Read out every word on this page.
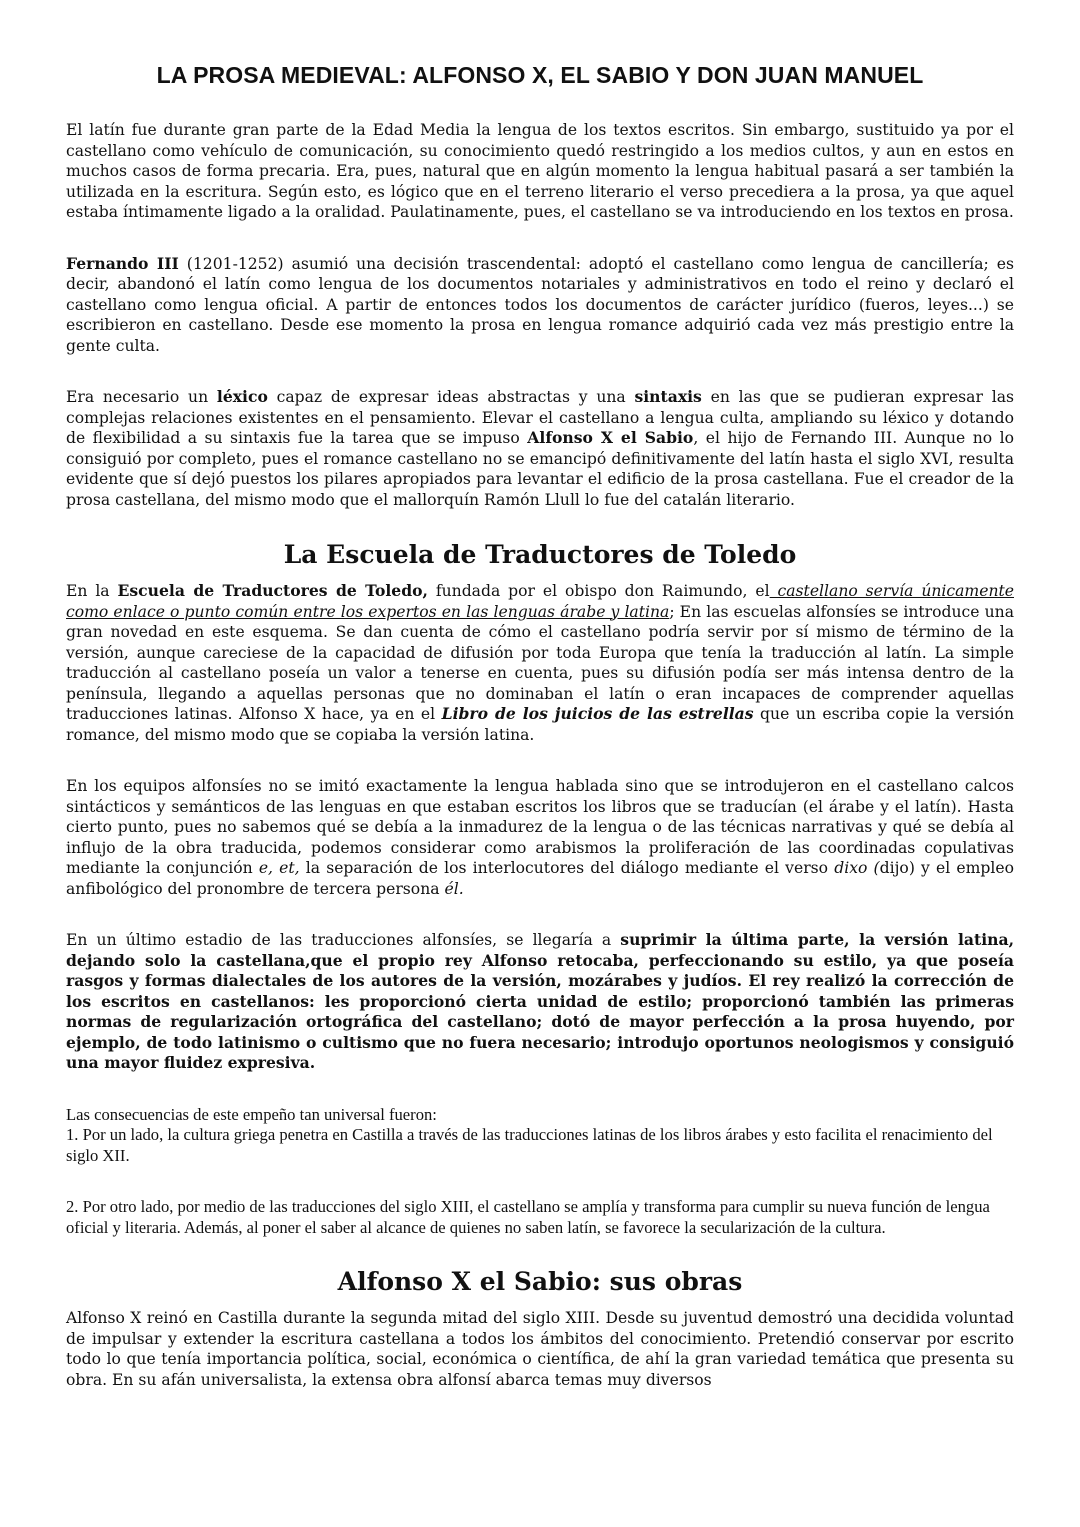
LA PROSA MEDIEVAL: ALFONSO X, EL SABIO Y DON JUAN MANUEL

El latín fue durante gran parte de la Edad Media la lengua de los textos escritos. Sin embargo, sustituido ya por el castellano como vehículo de comunicación, su conocimiento quedó restringido a los medios cultos, y aun en estos en muchos casos de forma precaria. Era, pues, natural que en algún momento la lengua habitual pasará a ser también la utilizada en la escritura. Según esto, es lógico que en el terreno literario el verso precediera a la prosa, ya que aquel estaba íntimamente ligado a la oralidad. Paulatinamente, pues, el castellano se va introduciendo en los textos en prosa.

Fernando III (1201-1252) asumió una decisión trascendental: adoptó el castellano como lengua de cancillería; es decir, abandonó el latín como lengua de los documentos notariales y administrativos en todo el reino y declaró el castellano como lengua oficial. A partir de entonces todos los documentos de carácter jurídico (fueros, leyes...) se escribieron en castellano. Desde ese momento la prosa en lengua romance adquirió cada vez más prestigio entre la gente culta.

Era necesario un léxico capaz de expresar ideas abstractas y una sintaxis en las que se pudieran expresar las complejas relaciones existentes en el pensamiento. Elevar el castellano a lengua culta, ampliando su léxico y dotando de flexibilidad a su sintaxis fue la tarea que se impuso Alfonso X el Sabio, el hijo de Fernando III. Aunque no lo consiguió por completo, pues el romance castellano no se emancipó definitivamente del latín hasta el siglo XVI, resulta evidente que sí dejó puestos los pilares apropiados para levantar el edificio de la prosa castellana. Fue el creador de la prosa castellana, del mismo modo que el mallorquín Ramón Llull lo fue del catalán literario.

La Escuela de Traductores de Toledo

En la Escuela de Traductores de Toledo, fundada por el obispo don Raimundo, el castellano servía únicamente como enlace o punto común entre los expertos en las lenguas árabe y latina; En las escuelas alfonsíes se introduce una gran novedad en este esquema. Se dan cuenta de cómo el castellano podría servir por sí mismo de término de la versión, aunque careciese de la capacidad de difusión por toda Europa que tenía la traducción al latín. La simple traducción al castellano poseía un valor a tenerse en cuenta, pues su difusión podía ser más intensa dentro de la península, llegando a aquellas personas que no dominaban el latín o eran incapaces de comprender aquellas traducciones latinas. Alfonso X hace, ya en el Libro de los juicios de las estrellas que un escriba copie la versión romance, del mismo modo que se copiaba la versión latina.

En los equipos alfonsíes no se imitó exactamente la lengua hablada sino que se introdujeron en el castellano calcos sintácticos y semánticos de las lenguas en que estaban escritos los libros que se traducían (el árabe y el latín). Hasta cierto punto, pues no sabemos qué se debía a la inmadurez de la lengua o de las técnicas narrativas y qué se debía al influjo de la obra traducida, podemos considerar como arabismos la proliferación de las coordinadas copulativas mediante la conjunción e, et, la separación de los interlocutores del diálogo mediante el verso dixo (dijo) y el empleo anfibológico del pronombre de tercera persona él.

En un último estadio de las traducciones alfonsíes, se llegaría a suprimir la última parte, la versión latina, dejando solo la castellana,que el propio rey Alfonso retocaba, perfeccionando su estilo, ya que poseía rasgos y formas dialectales de los autores de la versión, mozárabes y judíos. El rey realizó la corrección de los escritos en castellanos: les proporcionó cierta unidad de estilo; proporcionó también las primeras normas de regularización ortográfica del castellano; dotó de mayor perfección a la prosa huyendo, por ejemplo, de todo latinismo o cultismo que no fuera necesario; introdujo oportunos neologismos y consiguió una mayor fluidez expresiva.

Las consecuencias de este empeño tan universal fueron:

1. Por un lado, la cultura griega penetra en Castilla a través de las traducciones latinas de los libros árabes y esto facilita el renacimiento del siglo XII.

2. Por otro lado, por medio de las traducciones del siglo XIII, el castellano se amplía y transforma para cumplir su nueva función de lengua oficial y literaria. Además, al poner el saber al alcance de quienes no saben latín, se favorece la secularización de la cultura.

Alfonso X el Sabio: sus obras

Alfonso X reinó en Castilla durante la segunda mitad del siglo XIII. Desde su juventud demostró una decidida voluntad de impulsar y extender la escritura castellana a todos los ámbitos del conocimiento. Pretendió conservar por escrito todo lo que tenía importancia política, social, económica o científica, de ahí la gran variedad temática que presenta su obra. En su afán universalista, la extensa obra alfonsí abarca temas muy diversos
